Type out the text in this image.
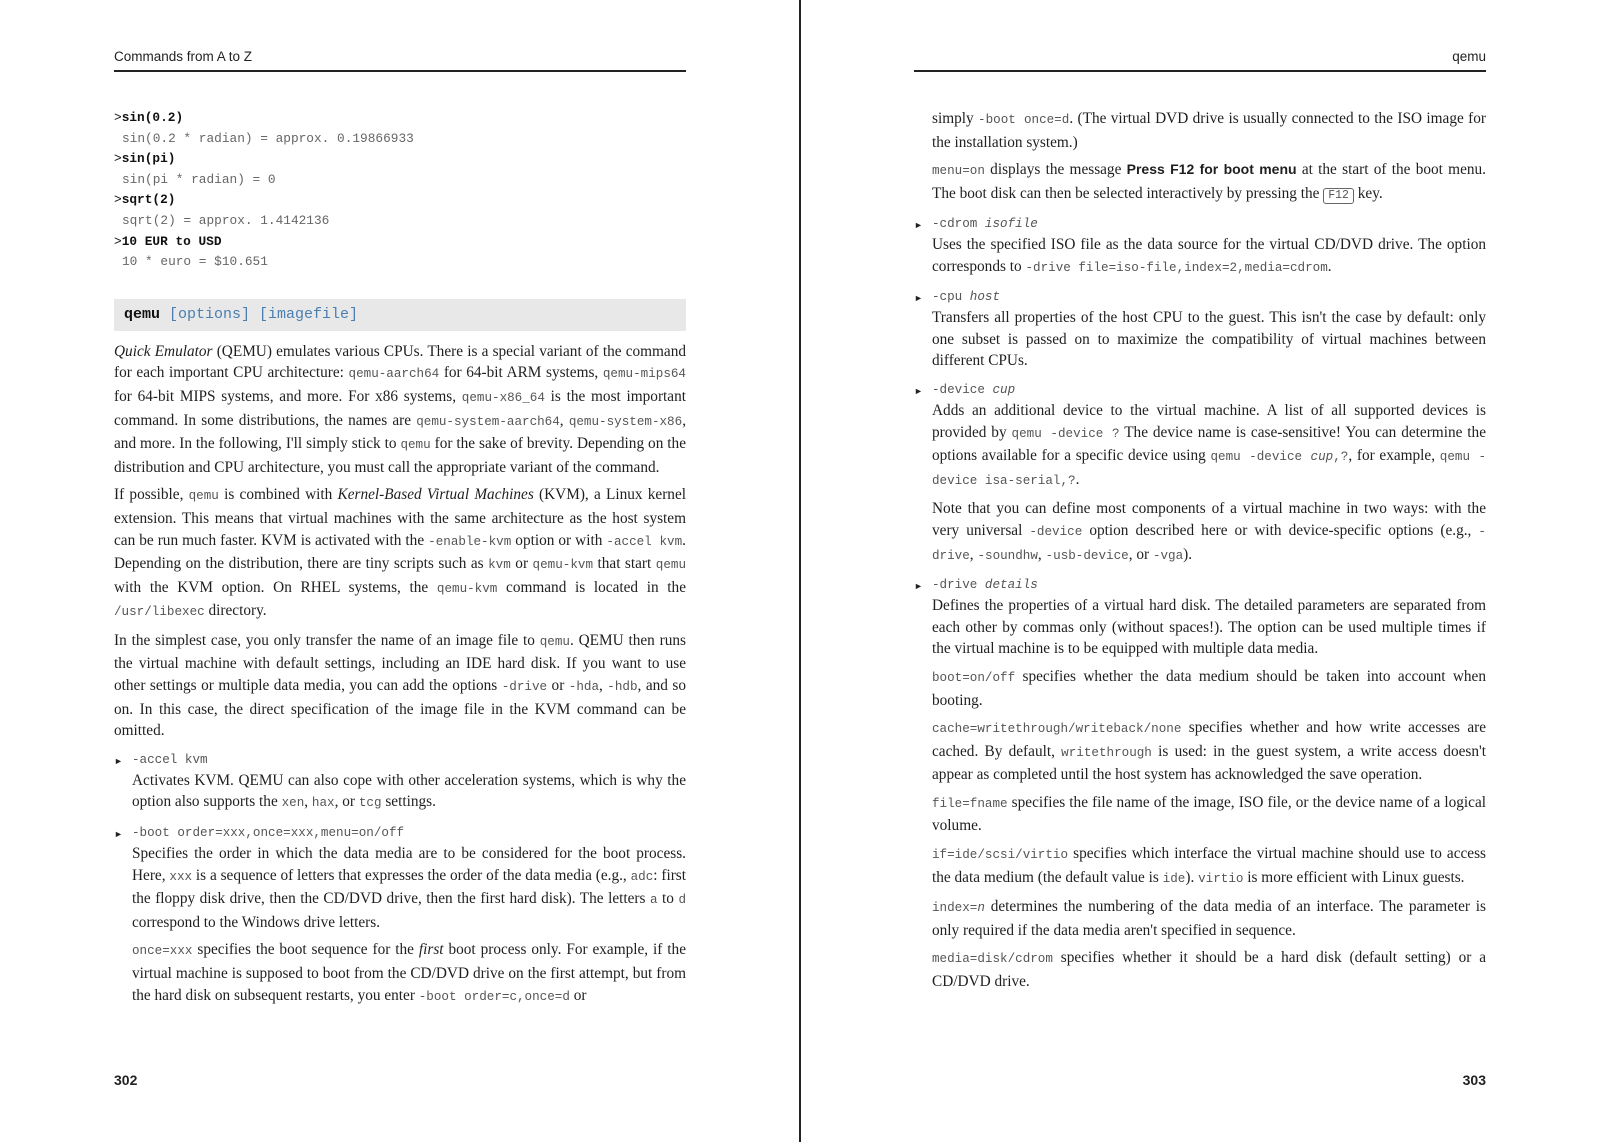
Commands from A to Z
>sin(0.2)
sin(0.2 * radian) = approx. 0.19866933
>sin(pi)
sin(pi * radian) = 0
>sqrt(2)
sqrt(2) = approx. 1.4142136
>10 EUR to USD
10 * euro = $10.651
qemu [options] [imagefile]

Quick Emulator (QEMU) emulates various CPUs. There is a special variant of the command for each important CPU architecture: qemu-aarch64 for 64-bit ARM systems, qemu-mips64 for 64-bit MIPS systems, and more. For x86 systems, qemu-x86_64 is the most important command. In some distributions, the names are qemu-system-aarch64, qemu-system-x86, and more. In the following, I'll simply stick to qemu for the sake of brevity. Depending on the distribution and CPU architecture, you must call the appropriate variant of the command.

If possible, qemu is combined with Kernel-Based Virtual Machines (KVM), a Linux kernel extension. This means that virtual machines with the same architecture as the host system can be run much faster. KVM is activated with the -enable-kvm option or with -accel kvm. Depending on the distribution, there are tiny scripts such as kvm or qemu-kvm that start qemu with the KVM option. On RHEL systems, the qemu-kvm command is located in the /usr/libexec directory.

In the simplest case, you only transfer the name of an image file to qemu. QEMU then runs the virtual machine with default settings, including an IDE hard disk. If you want to use other settings or multiple data media, you can add the options -drive or -hda, -hdb, and so on. In this case, the direct specification of the image file in the KVM command can be omitted.

► -accel kvm

Activates KVM. QEMU can also cope with other acceleration systems, which is why the option also supports the xen, hax, or tcg settings.

► -boot order=xxx,once=xxx,menu=on/off

Specifies the order in which the data media are to be considered for the boot process. Here, xxx is a sequence of letters that expresses the order of the data media (e.g., adc: first the floppy disk drive, then the CD/DVD drive, then the first hard disk). The letters a to d correspond to the Windows drive letters.

once=xxx specifies the boot sequence for the first boot process only. For example, if the virtual machine is supposed to boot from the CD/DVD drive on the first attempt, but from the hard disk on subsequent restarts, you enter -boot order=c,once=d or

302
qemu

simply -boot once=d. (The virtual DVD drive is usually connected to the ISO image for the installation system.)

menu=on displays the message Press F12 for boot menu at the start of the boot menu. The boot disk can then be selected interactively by pressing the F12 key.

► -cdrom isofile

Uses the specified ISO file as the data source for the virtual CD/DVD drive. The option corresponds to -drive file=iso-file,index=2,media=cdrom.

► -cpu host

Transfers all properties of the host CPU to the guest. This isn't the case by default: only one subset is passed on to maximize the compatibility of virtual machines between different CPUs.

► -device cup

Adds an additional device to the virtual machine. A list of all supported devices is provided by qemu -device ? The device name is case-sensitive! You can determine the options available for a specific device using qemu -device cup,?, for example, qemu -device isa-serial,?.

Note that you can define most components of a virtual machine in two ways: with the very universal -device option described here or with device-specific options (e.g., -drive, -soundhw, -usb-device, or -vga).

► -drive details

Defines the properties of a virtual hard disk. The detailed parameters are separated from each other by commas only (without spaces!). The option can be used multiple times if the virtual machine is to be equipped with multiple data media.

boot=on/off specifies whether the data medium should be taken into account when booting.

cache=writethrough/writeback/none specifies whether and how write accesses are cached. By default, writethrough is used: in the guest system, a write access doesn't appear as completed until the host system has acknowledged the save operation.

file=fname specifies the file name of the image, ISO file, or the device name of a logical volume.

if=ide/scsi/virtio specifies which interface the virtual machine should use to access the data medium (the default value is ide). virtio is more efficient with Linux guests.

index=n determines the numbering of the data media of an interface. The parameter is only required if the data media aren't specified in sequence.

media=disk/cdrom specifies whether it should be a hard disk (default setting) or a CD/DVD drive.

303
